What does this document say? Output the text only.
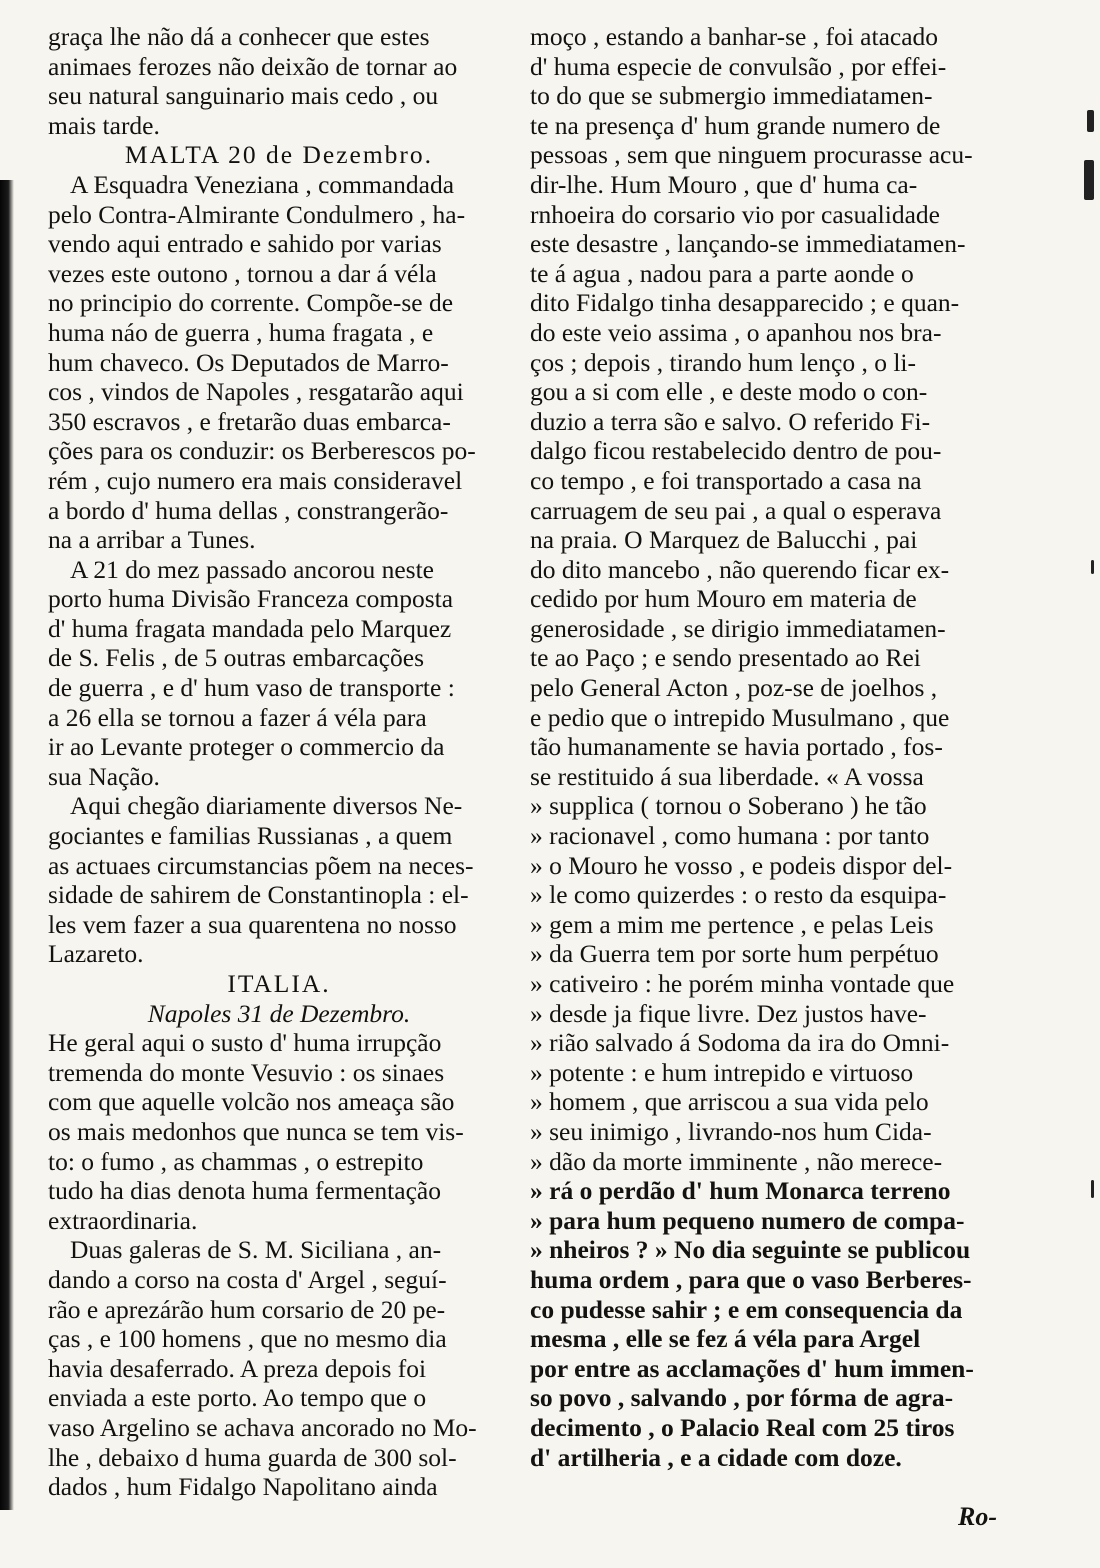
graça lhe não dá a conhecer que estes
animaes ferozes não deixão de tornar ao
seu natural sanguinario mais cedo , ou
mais tarde.
MALTA 20 de Dezembro.
A Esquadra Veneziana , commandada
pelo Contra-Almirante Condulmero , ha-
vendo aqui entrado e sahido por varias
vezes este outono , tornou a dar á véla
no principio do corrente. Compõe-se de
huma náo de guerra , huma fragata , e
hum chaveco. Os Deputados de Marro-
cos , vindos de Napoles , resgatarão aqui
350 escravos , e fretarão duas embarca-
ções para os conduzir: os Berberescos po-
rém , cujo numero era mais consideravel
a bordo d' huma dellas , constrangerão-
na a arribar a Tunes.
A 21 do mez passado ancorou neste
porto huma Divisão Franceza composta
d' huma fragata mandada pelo Marquez
de S. Felis , de 5 outras embarcações
de guerra , e d' hum vaso de transporte :
a 26 ella se tornou a fazer á véla para
ir ao Levante proteger o commercio da
sua Nação.
Aqui chegão diariamente diversos Ne-
gociantes e familias Russianas , a quem
as actuaes circumstancias põem na neces-
sidade de sahirem de Constantinopla : el-
les vem fazer a sua quarentena no nosso
Lazareto.
ITALIA.
Napoles 31 de Dezembro.
He geral aqui o susto d' huma irrupção
tremenda do monte Vesuvio : os sinaes
com que aquelle volcão nos ameaça são
os mais medonhos que nunca se tem vis-
to: o fumo , as chammas , o estrepito
tudo ha dias denota huma fermentação
extraordinaria.
Duas galeras de S. M. Siciliana , an-
dando a corso na costa d' Argel , seguí-
rão e aprezárão hum corsario de 20 pe-
ças , e 100 homens , que no mesmo dia
havia desaferrado. A preza depois foi
enviada a este porto. Ao tempo que o
vaso Argelino se achava ancorado no Mo-
lhe , debaixo d huma guarda de 300 sol-
dados , hum Fidalgo Napolitano ainda
moço , estando a banhar-se , foi atacado
d' huma especie de convulsão , por effei-
to do que se submergio immediatamen-
te na presença d' hum grande numero de
pessoas , sem que ninguem procurasse acu-
dir-lhe. Hum Mouro , que d' huma ca-
rnhoeira do corsario vio por casualidade
este desastre , lançando-se immediatamen-
te á agua , nadou para a parte aonde o
dito Fidalgo tinha desapparecido ; e quan-
do este veio assima , o apanhou nos bra-
ços ; depois , tirando hum lenço , o li-
gou a si com elle , e deste modo o con-
duzio a terra são e salvo. O referido Fi-
dalgo ficou restabelecido dentro de pou-
co tempo , e foi transportado a casa na
carruagem de seu pai , a qual o esperava
na praia. O Marquez de Balucchi , pai
do dito mancebo , não querendo ficar ex-
cedido por hum Mouro em materia de
generosidade , se dirigio immediatamen-
te ao Paço ; e sendo presentado ao Rei
pelo General Acton , poz-se de joelhos ,
e pedio que o intrepido Musulmano , que
tão humanamente se havia portado , fos-
se restituido á sua liberdade. « A vossa
» supplica ( tornou o Soberano ) he tão
» racionavel , como humana : por tanto
» o Mouro he vosso , e podeis dispor del-
» le como quizerdes : o resto da esquipa-
» gem a mim me pertence , e pelas Leis
» da Guerra tem por sorte hum perpétuo
» cativeiro : he porém minha vontade que
» desde ja fique livre. Dez justos have-
» rião salvado á Sodoma da ira do Omni-
» potente : e hum intrepido e virtuoso
» homem , que arriscou a sua vida pelo
» seu inimigo , livrando-nos hum Cida-
» dão da morte imminente , não merece-
» rá o perdão d' hum Monarca terreno
» para hum pequeno numero de compa-
» nheiros ? » No dia seguinte se publicou
huma ordem , para que o vaso Berberes-
co pudesse sahir ; e em consequencia da
mesma , elle se fez á véla para Argel
por entre as acclamações d' hum immen-
so povo , salvando , por fórma de agra-
decimento , o Palacio Real com 25 tiros
d' artilheria , e a cidade com doze.
Ro-
